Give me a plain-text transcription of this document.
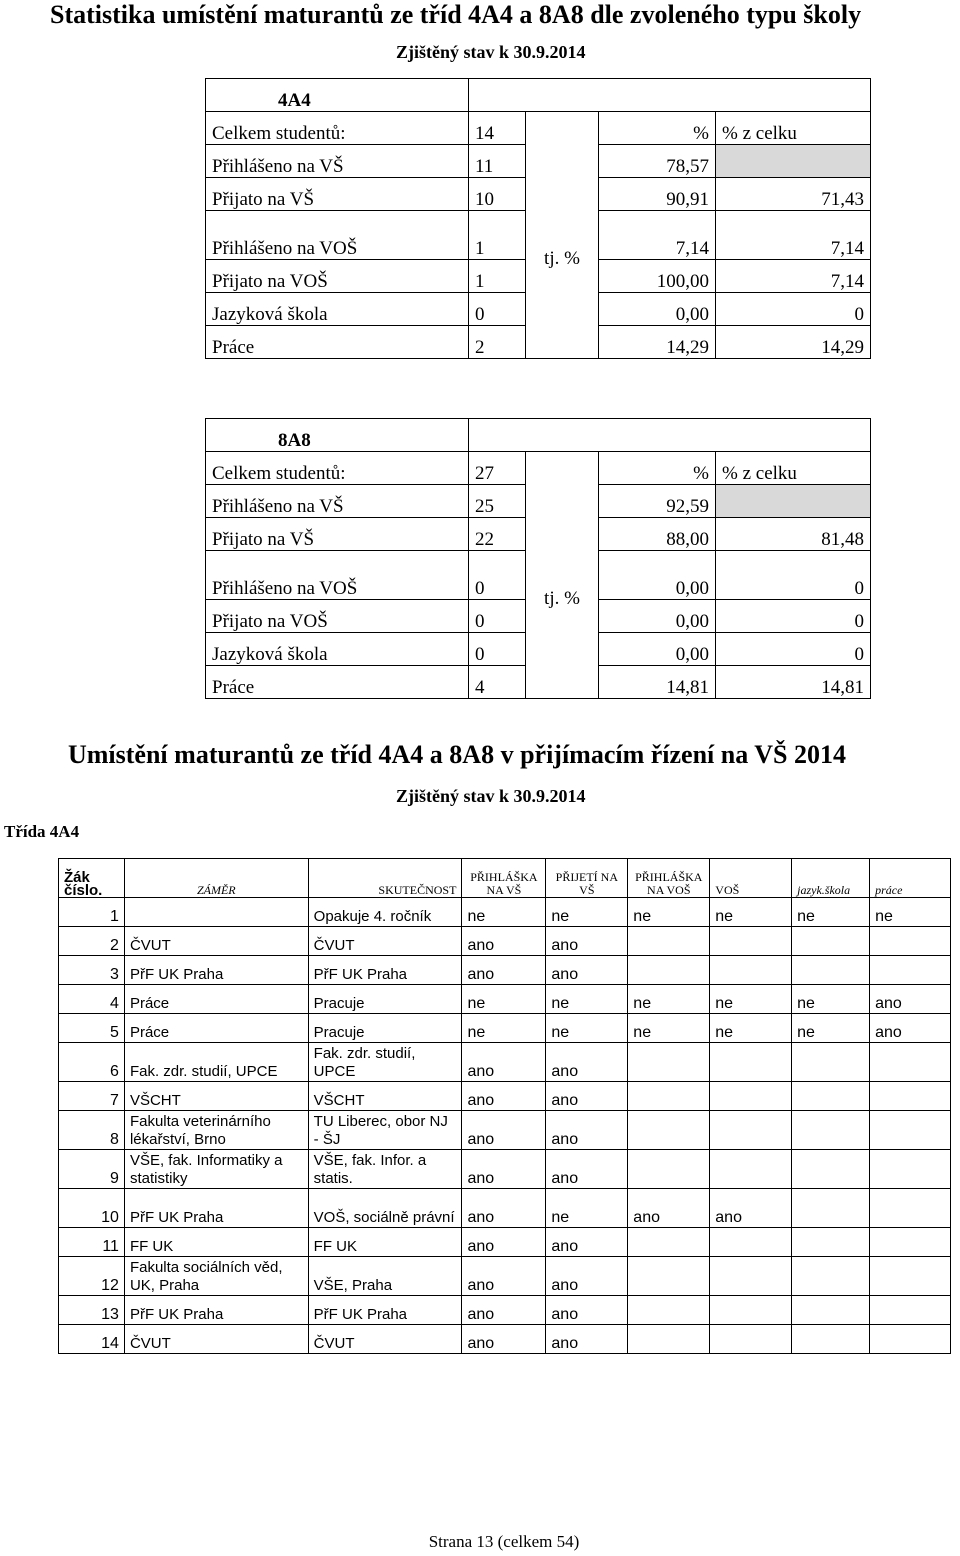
Statistika umístění maturantů ze tříd 4A4 a 8A8 dle zvoleného typu školy
Zjištěný stav k 30.9.2014
4A4				
Celkem studentů:	14		%	% z celku
Přihlášeno na VŠ	11	tj. %	78,57	
Přijato na VŠ	10		90,91	71,43
Přihlášeno na VOŠ	1		7,14	7,14
Přijato na VOŠ	1		100,00	7,14
Jazyková škola	0		0,00	0
Práce	2		14,29	14,29
8A8				
Celkem studentů:	27		%	% z celku
Přihlášeno na VŠ	25	tj. %	92,59	
Přijato na VŠ	22		88,00	81,48
Přihlášeno na VOŠ	0		0,00	0
Přijato na VOŠ	0		0,00	0
Jazyková škola	0		0,00	0
Práce	4		14,81	14,81
Umístění maturantů ze tříd 4A4 a 8A8 v přijímacím řízení na VŠ 2014
Zjištěný stav k 30.9.2014
Třída 4A4
Žák číslo.	ZÁMĚR	SKUTEČNOST	PŘIHLÁŠKA NA VŠ	PŘIJETÍ NA VŠ	PŘIHLÁŠKA NA VOŠ	VOŠ	jazyk.škola	práce
1		Opakuje 4. ročník	ne	ne	ne	ne	ne	ne
2	ČVUT	ČVUT	ano	ano				
3	PřF UK Praha	PřF UK Praha	ano	ano				
4	Práce	Pracuje	ne	ne	ne	ne	ne	ano
5	Práce	Pracuje	ne	ne	ne	ne	ne	ano
6	Fak. zdr. studií, UPCE	Fak. zdr. studií, UPCE	ano	ano				
7	VŠCHT	VŠCHT	ano	ano				
8	Fakulta veterinárního lékařství, Brno	TU Liberec, obor NJ - ŠJ	ano	ano				
9	VŠE, fak. Informatiky a statistiky	VŠE, fak. Infor. a statis.	ano	ano				
10	PřF UK Praha	VOŠ, sociálně právní	ano	ne	ano	ano		
11	FF UK	FF UK	ano	ano				
12	Fakulta sociálních věd, UK, Praha	VŠE, Praha	ano	ano				
13	PřF UK Praha	PřF UK Praha	ano	ano				
14	ČVUT	ČVUT	ano	ano				
Strana 13 (celkem 54)
